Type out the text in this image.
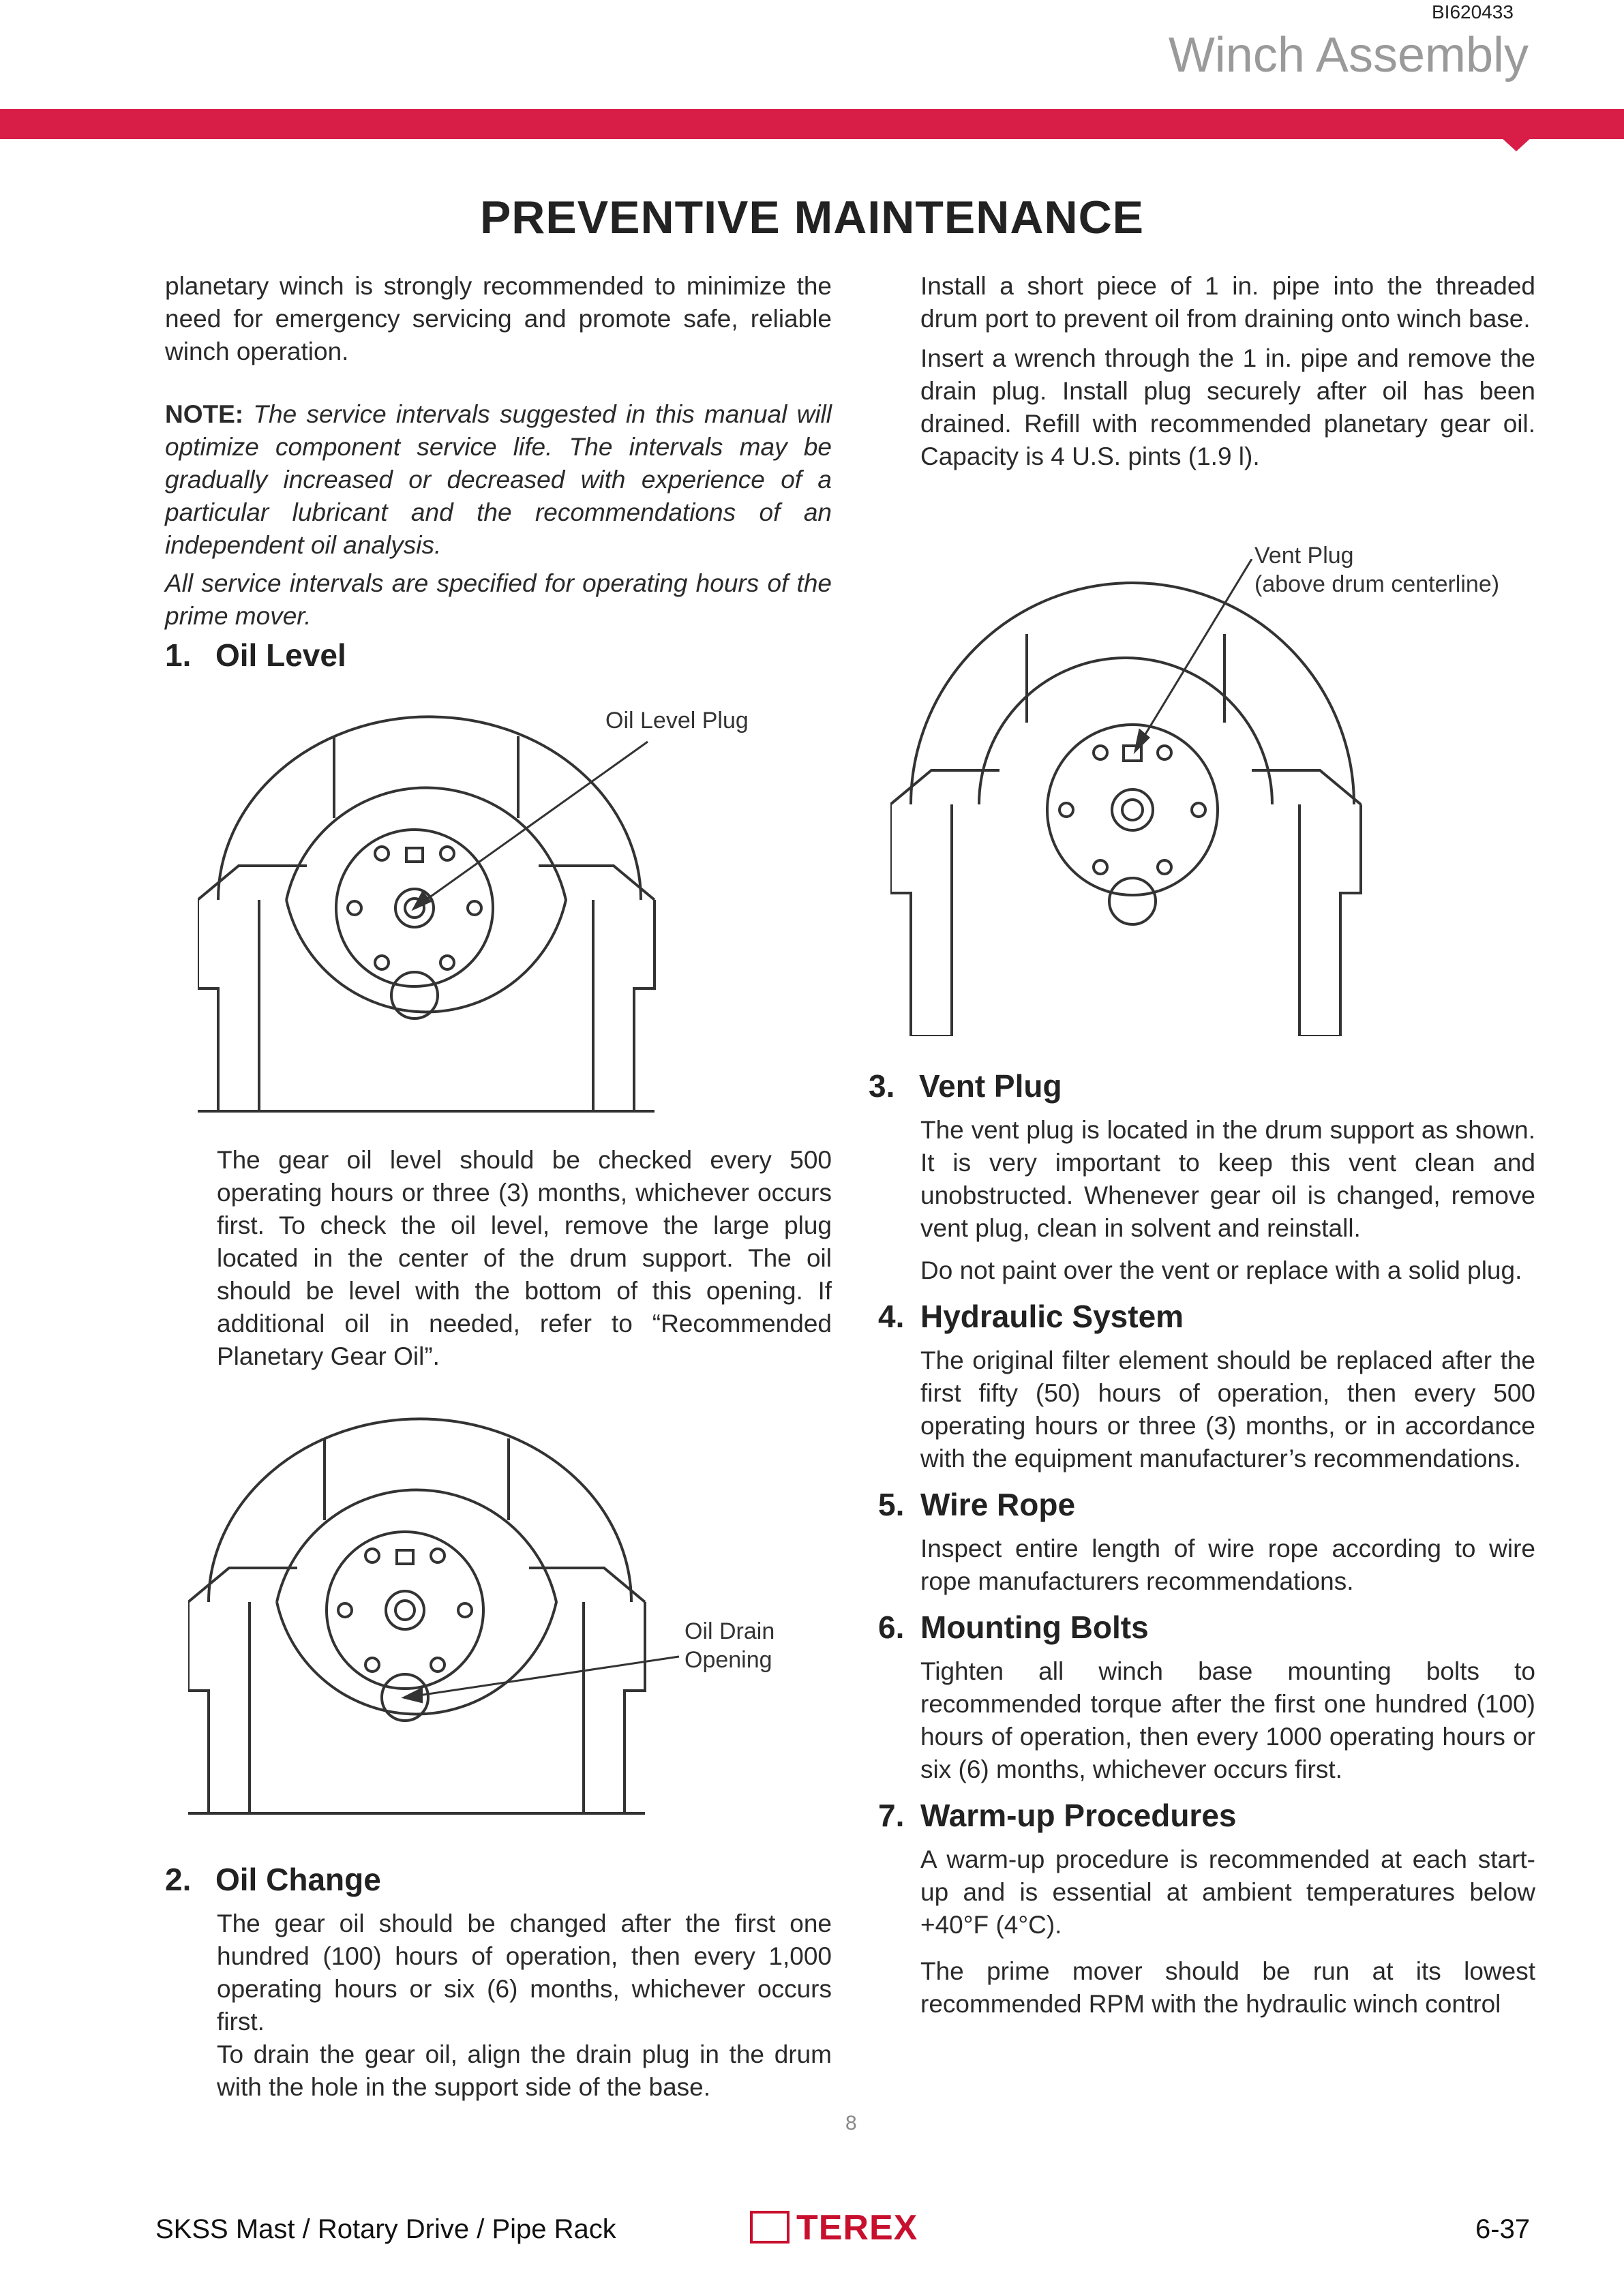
BI620433
Winch Assembly
PREVENTIVE MAINTENANCE

planetary winch is strongly recommended to minimize the need for emergency servicing and promote safe, reliable winch operation.

NOTE: The service intervals suggested in this manual will optimize component service life. The intervals may be gradually increased or decreased with experience of a particular lubricant and the recommendations of an independent oil analysis.

All service intervals are specified for operating hours of the prime mover.

1. Oil Level
Oil Level Plug

The gear oil level should be checked every 500 operating hours or three (3) months, whichever occurs first. To check the oil level, remove the large plug located in the center of the drum support. The oil should be level with the bottom of this opening. If additional oil in needed, refer to “Recommended Planetary Gear Oil”.

Oil Drain
Opening
2. Oil Change

The gear oil should be changed after the first one hundred (100) hours of operation, then every 1,000 operating hours or six (6) months, whichever occurs first.

To drain the gear oil, align the drain plug in the drum with the hole in the support side of the base.

Install a short piece of 1 in. pipe into the threaded drum port to prevent oil from draining onto winch base.

Insert a wrench through the 1 in. pipe and remove the drain plug. Install plug securely after oil has been drained. Refill with recommended planetary gear oil. Capacity is 4 U.S. pints (1.9 l).

Vent Plug
(above drum centerline)
3. Vent Plug

The vent plug is located in the drum support as shown. It is very important to keep this vent clean and unobstructed. Whenever gear oil is changed, remove vent plug, clean in solvent and reinstall.

Do not paint over the vent or replace with a solid plug.

4. Hydraulic System

The original filter element should be replaced after the first fifty (50) hours of operation, then every 500 operating hours or three (3) months, or in accordance with the equipment manufacturer’s recommendations.

5. Wire Rope

Inspect entire length of wire rope according to wire rope manufacturers recommendations.

6. Mounting Bolts

Tighten all winch base mounting bolts to recommended torque after the first one hundred (100) hours of operation, then every 1000 operating hours or six (6) months, whichever occurs first.

7. Warm-up Procedures

A warm-up procedure is recommended at each start-up and is essential at ambient temperatures below +40°F (4°C).

The prime mover should be run at its lowest recommended RPM with the hydraulic winch control

8
SKSS Mast / Rotary Drive / Pipe Rack	TEREX	6-37
